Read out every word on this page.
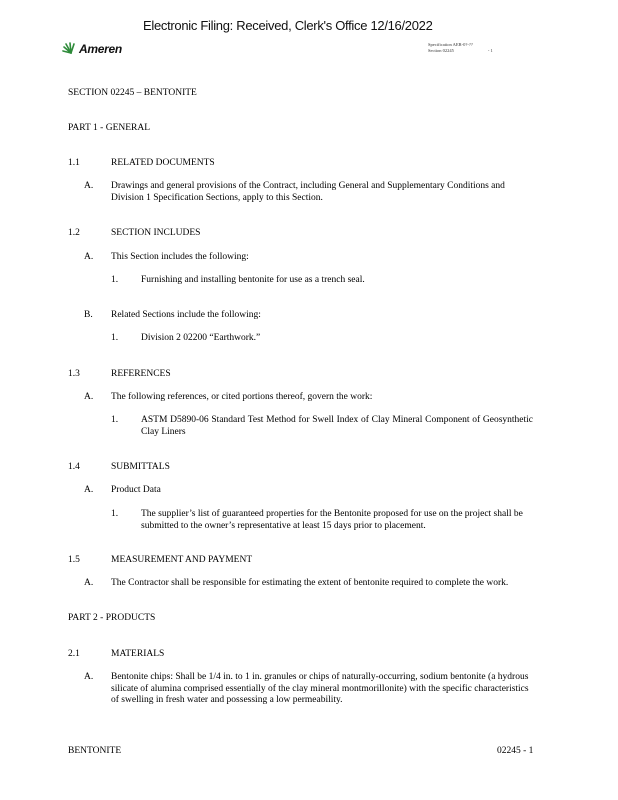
Electronic Filing: Received, Clerk's Office 12/16/2022
Ameren	Specification AER-0?-??
Section 02245	- 1
SECTION 02245 – BENTONITE
PART 1 - GENERAL
1.1	RELATED DOCUMENTS
A. Drawings and general provisions of the Contract, including General and Supplementary Conditions and Division 1 Specification Sections, apply to this Section.
1.2	SECTION INCLUDES
A. This Section includes the following:
1. Furnishing and installing bentonite for use as a trench seal.
B. Related Sections include the following:
1. Division 2 02200 “Earthwork.”
1.3	REFERENCES
A. The following references, or cited portions thereof, govern the work:
1. ASTM D5890-06 Standard Test Method for Swell Index of Clay Mineral Component of Geosynthetic Clay Liners
1.4	SUBMITTALS
A. Product Data
1. The supplier’s list of guaranteed properties for the Bentonite proposed for use on the project shall be submitted to the owner’s representative at least 15 days prior to placement.
1.5	MEASUREMENT AND PAYMENT
A. The Contractor shall be responsible for estimating the extent of bentonite required to complete the work.
PART 2 - PRODUCTS
2.1	MATERIALS
A. Bentonite chips: Shall be 1/4 in. to 1 in. granules or chips of naturally-occurring, sodium bentonite (a hydrous silicate of alumina comprised essentially of the clay mineral montmorillonite) with the specific characteristics of swelling in fresh water and possessing a low permeability.
BENTONITE	02245 - 1
